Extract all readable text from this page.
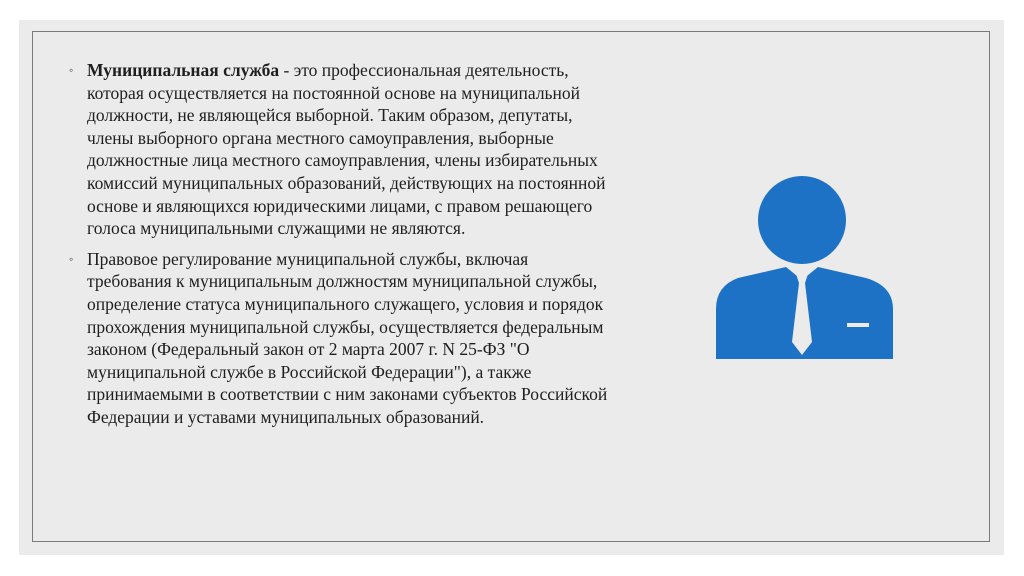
◦ Муниципальная служба - это профессиональная деятельность, которая осуществляется на постоянной основе на муниципальной должности, не являющейся выборной. Таким образом, депутаты, члены выборного органа местного самоуправления, выборные должностные лица местного самоуправления, члены избирательных комиссий муниципальных образований, действующих на постоянной основе и являющихся юридическими лицами, с правом решающего голоса муниципальными служащими не являются.
◦ Правовое регулирование муниципальной службы, включая требования к муниципальным должностям муниципальной службы, определение статуса муниципального служащего, условия и порядок прохождения муниципальной службы, осуществляется федеральным законом (Федеральный закон от 2 марта 2007 г. N 25-ФЗ "О муниципальной службе в Российской Федерации"), а также принимаемыми в соответствии с ним законами субъектов Российской Федерации и уставами муниципальных образований.
